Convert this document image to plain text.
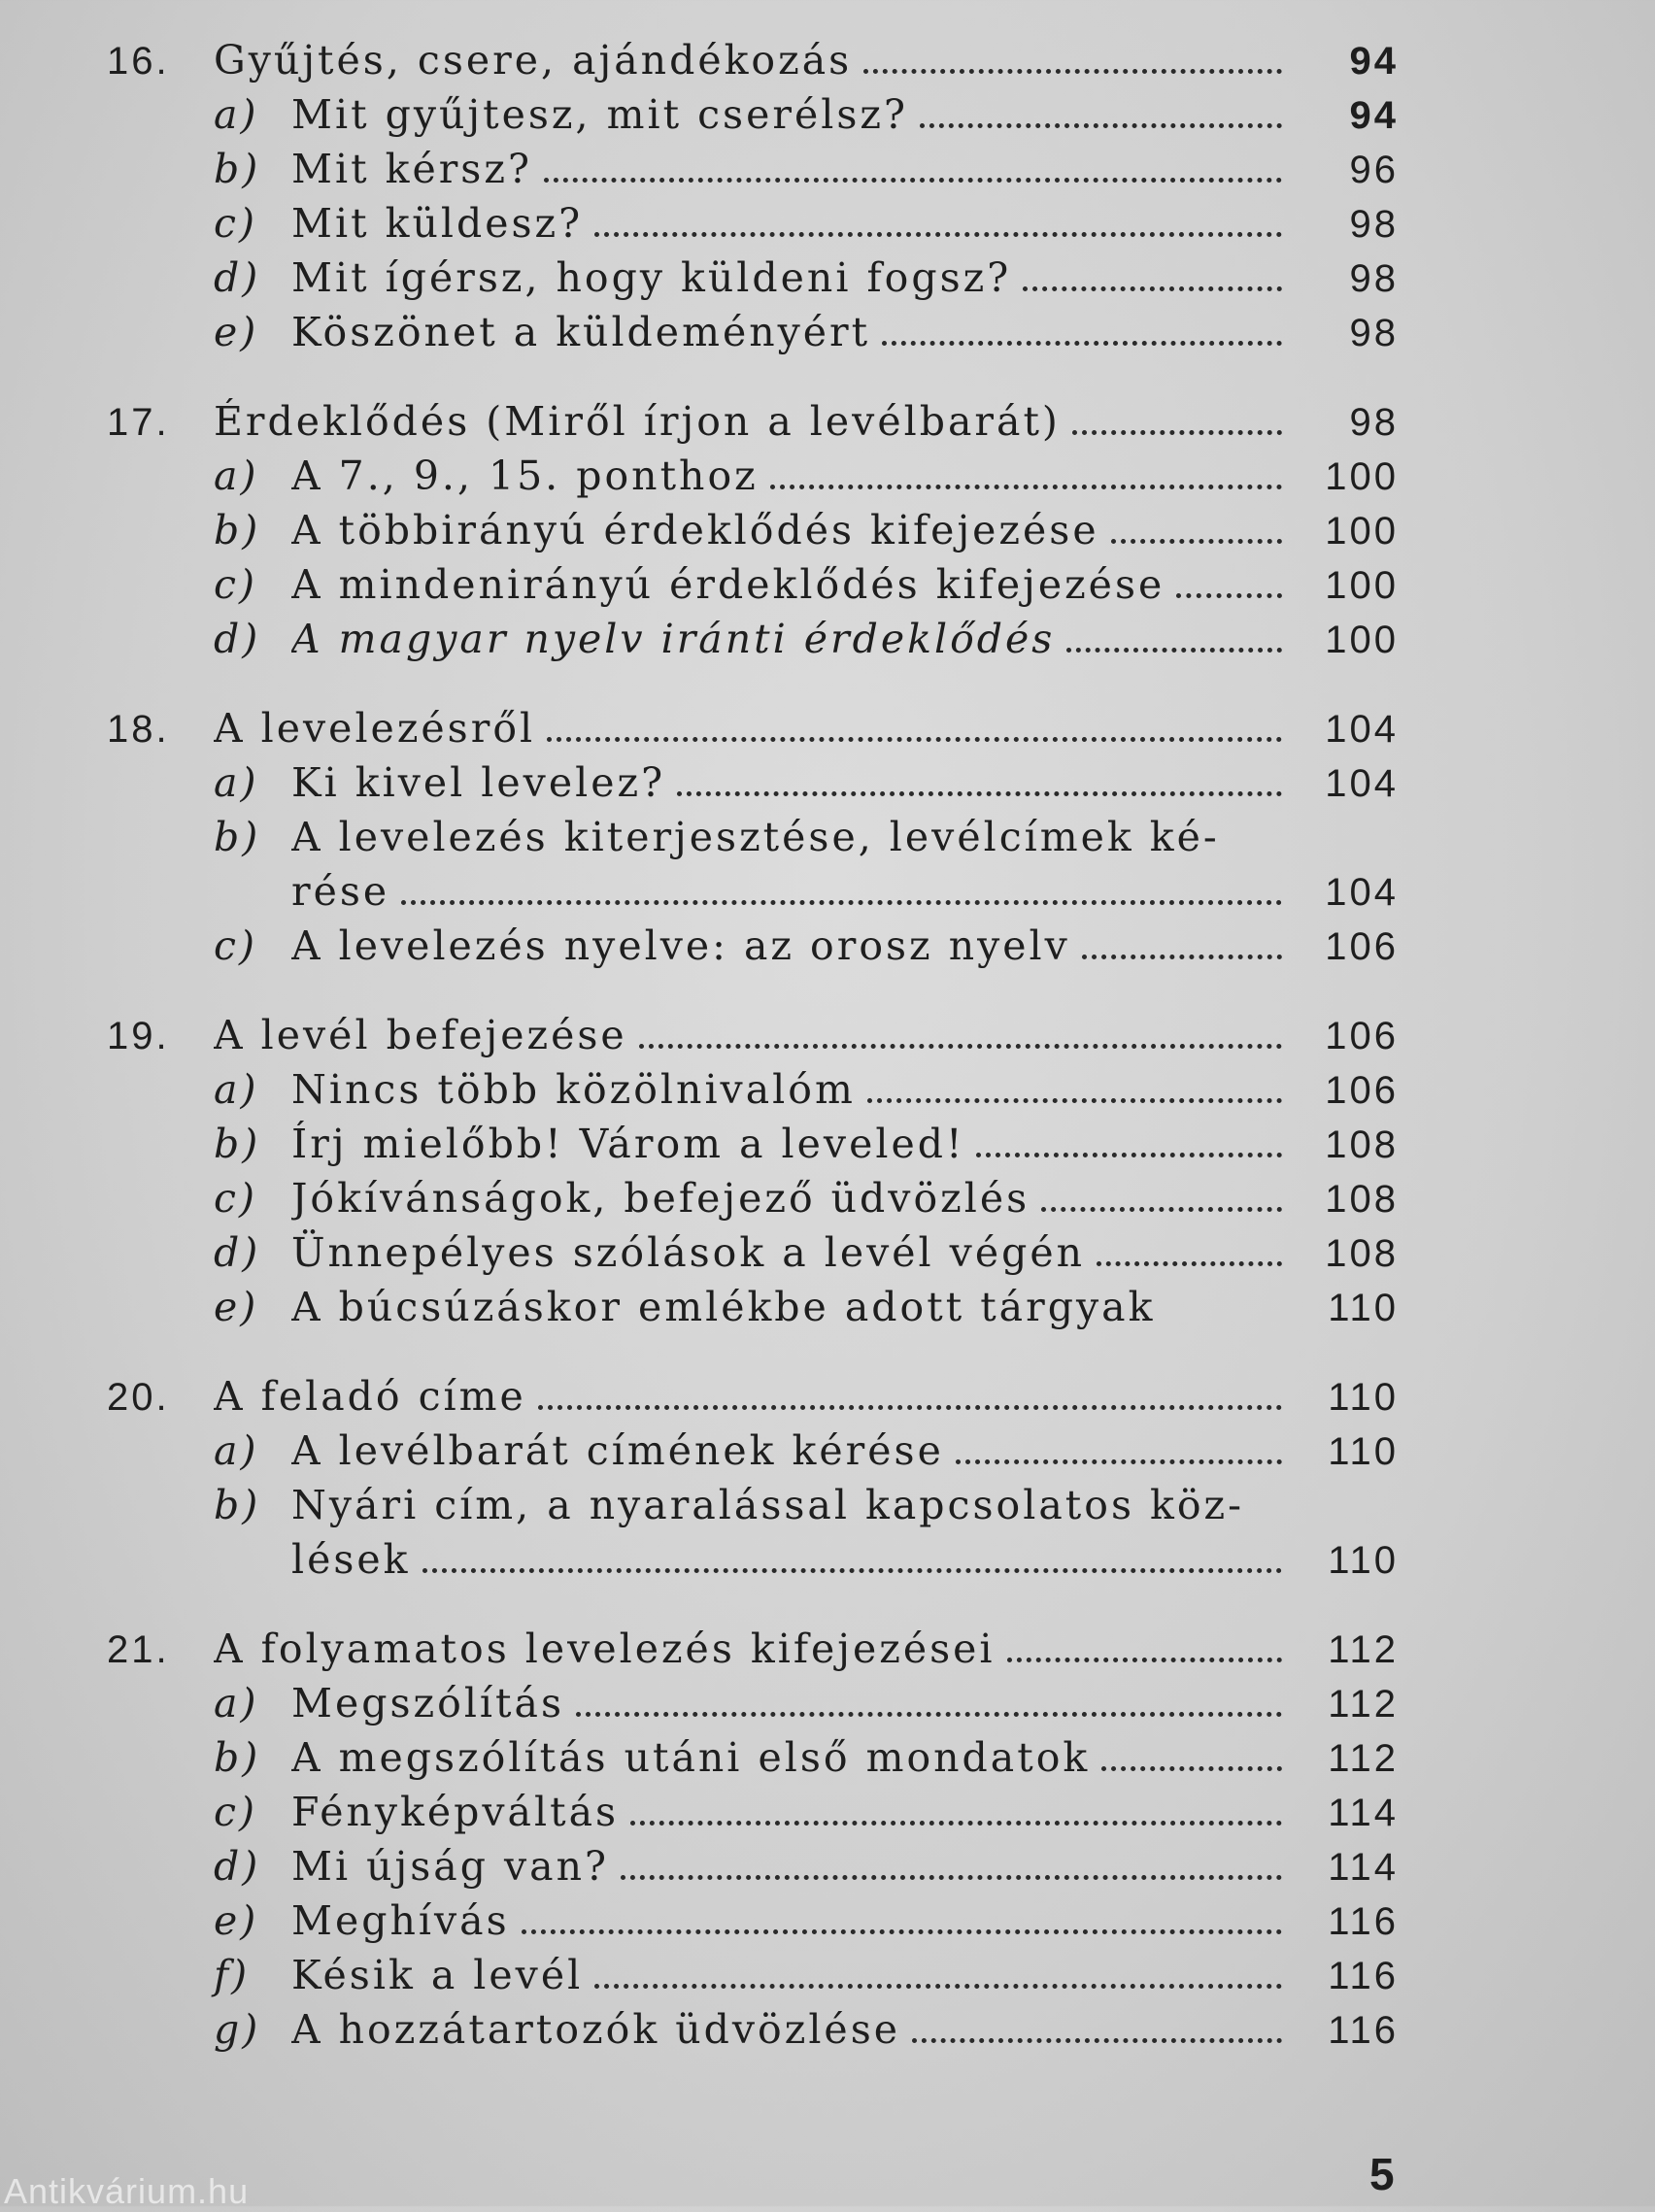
16.	Gyűjtés, csere, ajándékozás	94
a) Mit gyűjtesz, mit cserélsz?	94
b) Mit kérsz?	96
c) Mit küldesz?	98
d) Mit ígérsz, hogy küldeni fogsz?	98
e) Köszönet a küldeményért	98
17.	Érdeklődés (Miről írjon a levélbarát)	98
a) A 7., 9., 15. ponthoz	100
b) A többirányú érdeklődés kifejezése	100
c) A mindenirányú érdeklődés kifejezése	100
d) A magyar nyelv iránti érdeklődés	100
18.	A levelezésről	104
a) Ki kivel levelez?	104
b) A levelezés kiterjesztése, levélcímek ké-
rése	104
c) A levelezés nyelve: az orosz nyelv	106
19.	A levél befejezése	106
a) Nincs több közölnivalóm	106
b) Írj mielőbb! Várom a leveled!	108
c) Jókívánságok, befejező üdvözlés	108
d) Ünnepélyes szólások a levél végén	108
e) A búcsúzáskor emlékbe adott tárgyak	110
20.	A feladó címe	110
a) A levélbarát címének kérése	110
b) Nyári cím, a nyaralással kapcsolatos köz-
lések	110
21.	A folyamatos levelezés kifejezései	112
a) Megszólítás	112
b) A megszólítás utáni első mondatok	112
c) Fényképváltás	114
d) Mi újság van?	114
e) Meghívás	116
f)	Késik a levél	116
g) A hozzátartozók üdvözlése	116
5
Antikvárium.hu
